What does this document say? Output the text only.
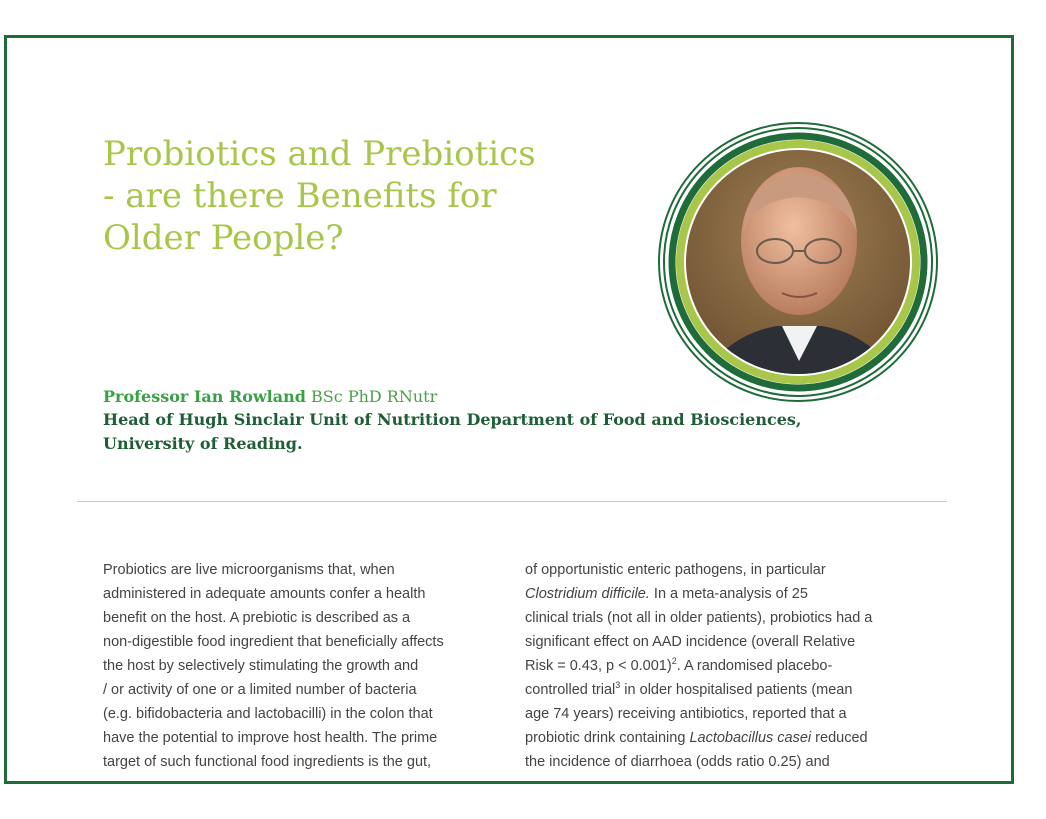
Probiotics and Prebiotics
- are there Benefits for
Older People?
Professor Ian Rowland BSc PhD RNutr
Head of Hugh Sinclair Unit of Nutrition Department of Food and Biosciences,
University of Reading.

Probiotics are live microorganisms that, when

administered in adequate amounts confer a health

benefit on the host. A prebiotic is described as a

non-digestible food ingredient that beneficially affects

the host by selectively stimulating the growth and

/ or activity of one or a limited number of bacteria

(e.g. bifidobacteria and lactobacilli) in the colon that

have the potential to improve host health. The prime

target of such functional food ingredients is the gut,

of opportunistic enteric pathogens, in particular

Clostridium difficile. In a meta-analysis of 25

clinical trials (not all in older patients), probiotics had a

significant effect on AAD incidence (overall Relative

Risk = 0.43, p < 0.001)$^2$. A randomised placebo-

controlled trial$^3$ in older hospitalised patients (mean

age 74 years) receiving antibiotics, reported that a

probiotic drink containing Lactobacillus casei reduced

the incidence of diarrhoea (odds ratio 0.25) and
